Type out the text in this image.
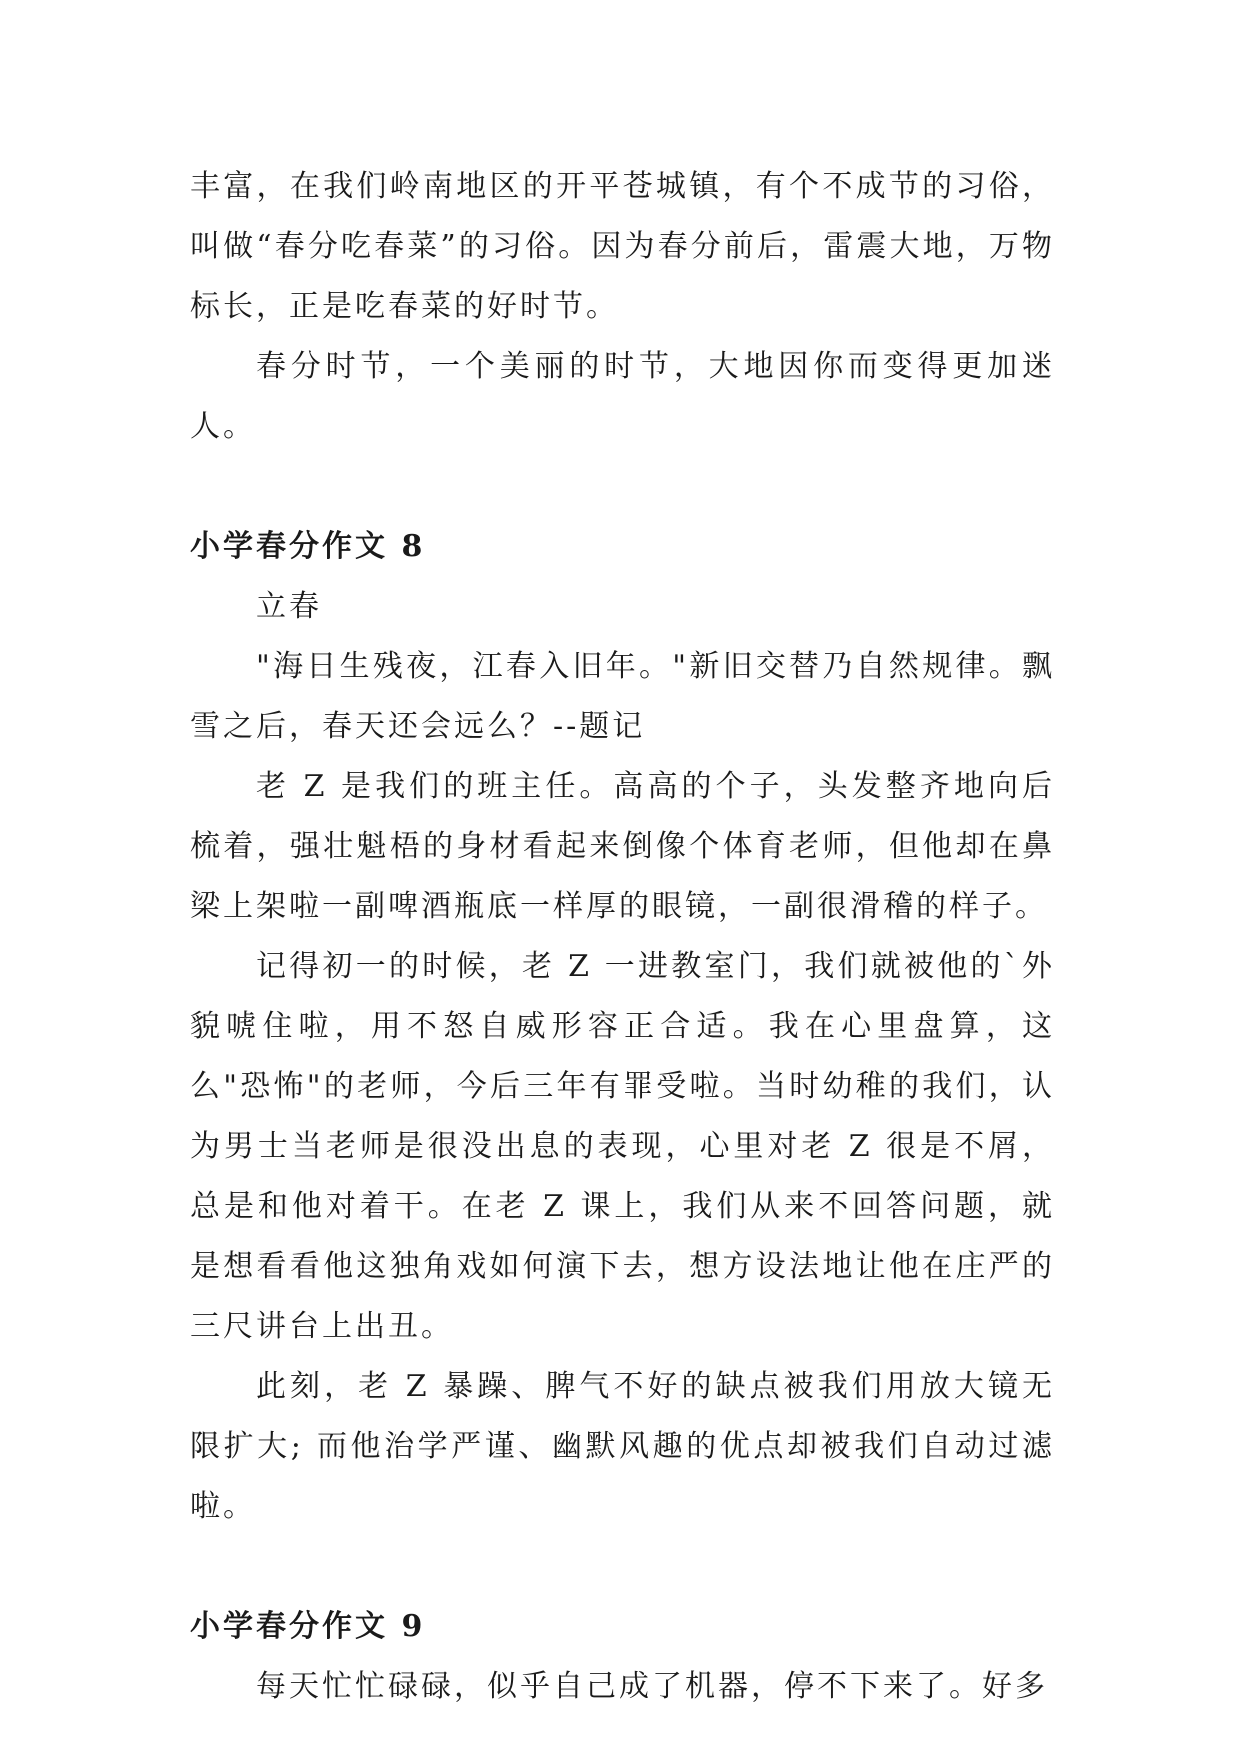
丰富，在我们岭南地区的开平苍城镇，有个不成节的习俗，叫做“春分吃春菜”的习俗。因为春分前后，雷震大地，万物标长，正是吃春菜的好时节。

春分时节，一个美丽的时节，大地因你而变得更加迷人。

小学春分作文 8

立春

"海日生残夜，江春入旧年。"新旧交替乃自然规律。飘雪之后，春天还会远么？--题记

老 Z 是我们的班主任。高高的个子，头发整齐地向后梳着，强壮魁梧的身材看起来倒像个体育老师，但他却在鼻梁上架啦一副啤酒瓶底一样厚的眼镜，一副很滑稽的样子。

记得初一的时候，老 Z 一进教室门，我们就被他的`外貌唬住啦，用不怒自威形容正合适。我在心里盘算，这么"恐怖"的老师，今后三年有罪受啦。当时幼稚的我们，认为男士当老师是很没出息的表现，心里对老 Z 很是不屑，总是和他对着干。在老 Z 课上，我们从来不回答问题，就是想看看他这独角戏如何演下去，想方设法地让他在庄严的三尺讲台上出丑。

此刻，老 Z 暴躁、脾气不好的缺点被我们用放大镜无限扩大; 而他治学严谨、幽默风趣的优点却被我们自动过滤啦。

小学春分作文 9

每天忙忙碌碌，似乎自己成了机器，停不下来了。好多
